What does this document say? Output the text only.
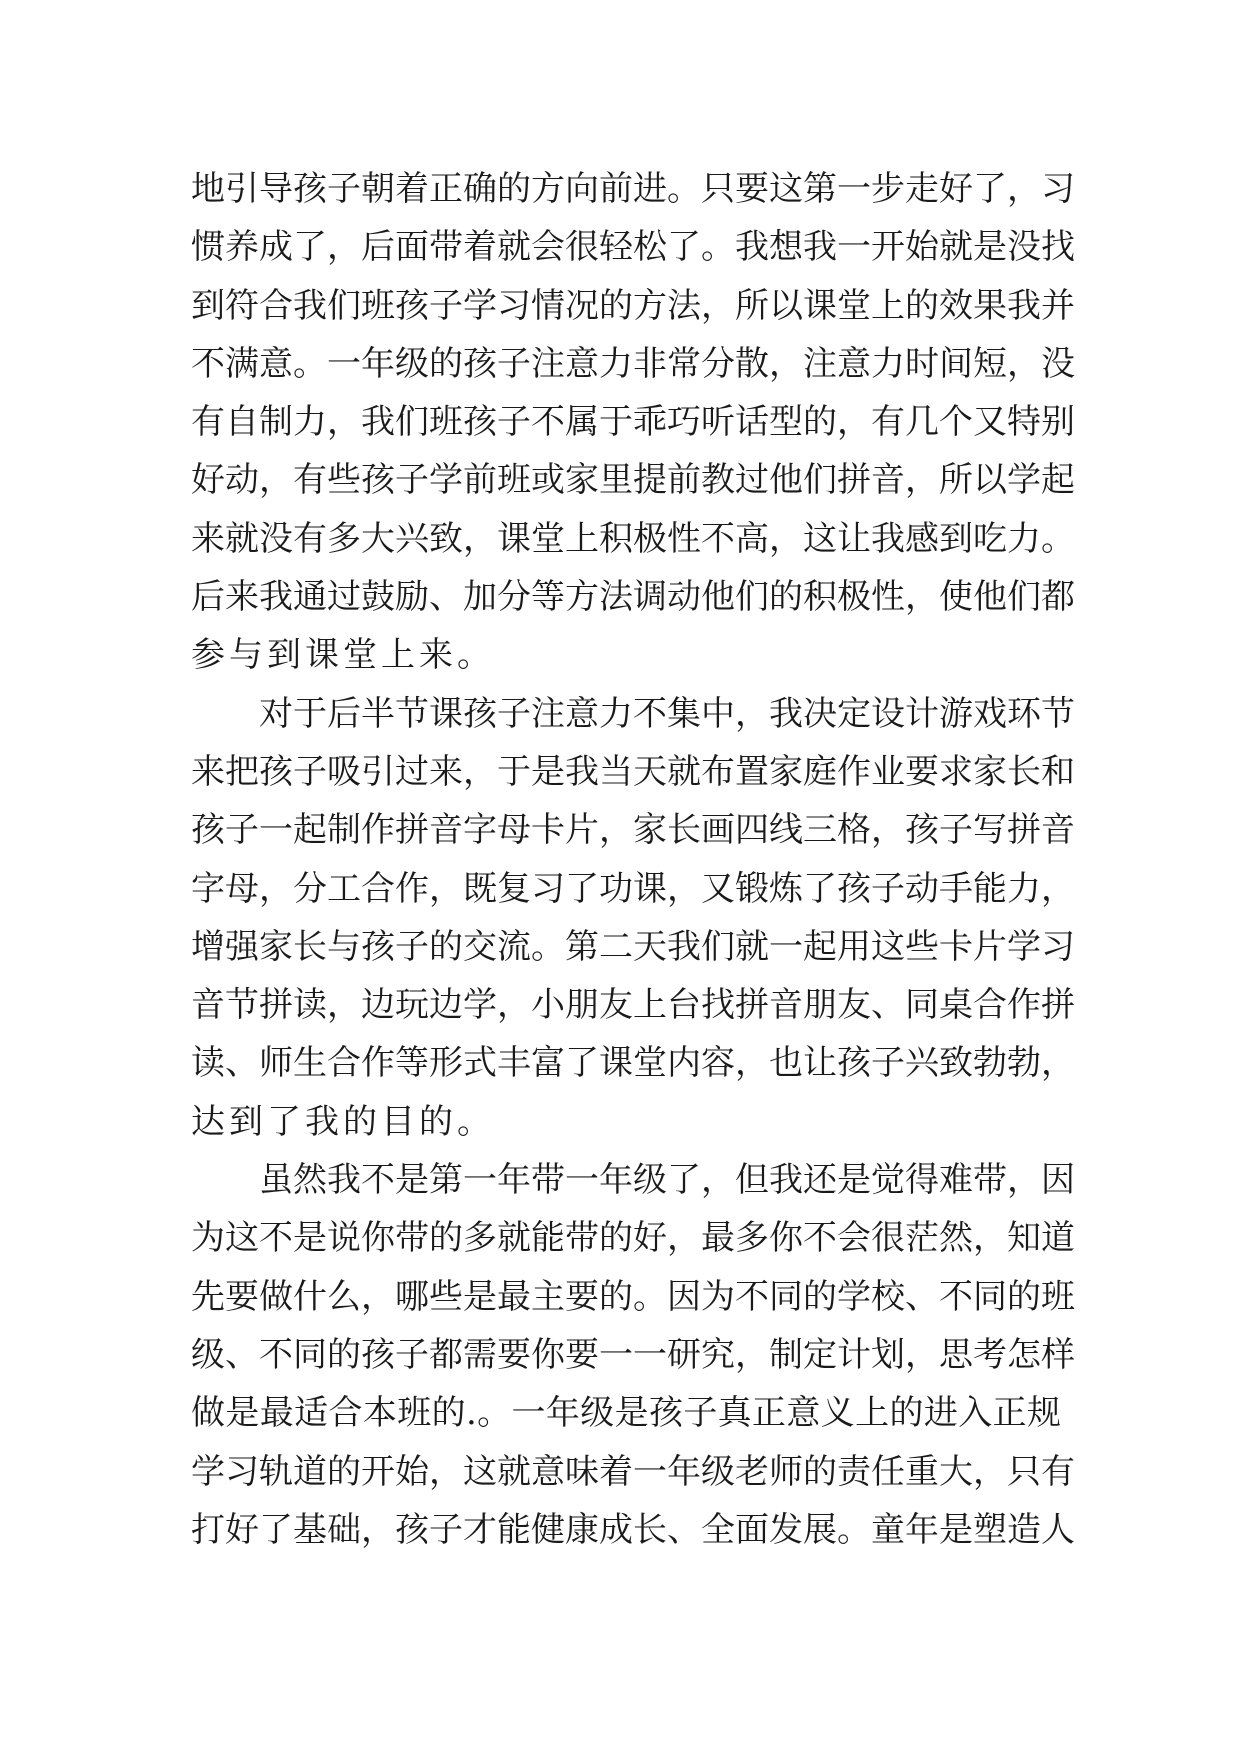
地引导孩子朝着正确的方向前进。只要这第一步走好了，习
惯养成了，后面带着就会很轻松了。我想我一开始就是没找
到符合我们班孩子学习情况的方法，所以课堂上的效果我并
不满意。一年级的孩子注意力非常分散，注意力时间短，没
有自制力，我们班孩子不属于乖巧听话型的，有几个又特别
好动，有些孩子学前班或家里提前教过他们拼音，所以学起
来就没有多大兴致，课堂上积极性不高，这让我感到吃力。
后来我通过鼓励、加分等方法调动他们的积极性，使他们都
参与到课堂上来。
对于后半节课孩子注意力不集中，我决定设计游戏环节
来把孩子吸引过来，于是我当天就布置家庭作业要求家长和
孩子一起制作拼音字母卡片，家长画四线三格，孩子写拼音
字母，分工合作，既复习了功课，又锻炼了孩子动手能力，
增强家长与孩子的交流。第二天我们就一起用这些卡片学习
音节拼读，边玩边学，小朋友上台找拼音朋友、同桌合作拼
读、师生合作等形式丰富了课堂内容，也让孩子兴致勃勃，
达到了我的目的。
虽然我不是第一年带一年级了，但我还是觉得难带，因
为这不是说你带的多就能带的好，最多你不会很茫然，知道
先要做什么，哪些是最主要的。因为不同的学校、不同的班
级、不同的孩子都需要你要一一研究，制定计划，思考怎样
做是最适合本班的.。一年级是孩子真正意义上的进入正规
学习轨道的开始，这就意味着一年级老师的责任重大，只有
打好了基础，孩子才能健康成长、全面发展。童年是塑造人
